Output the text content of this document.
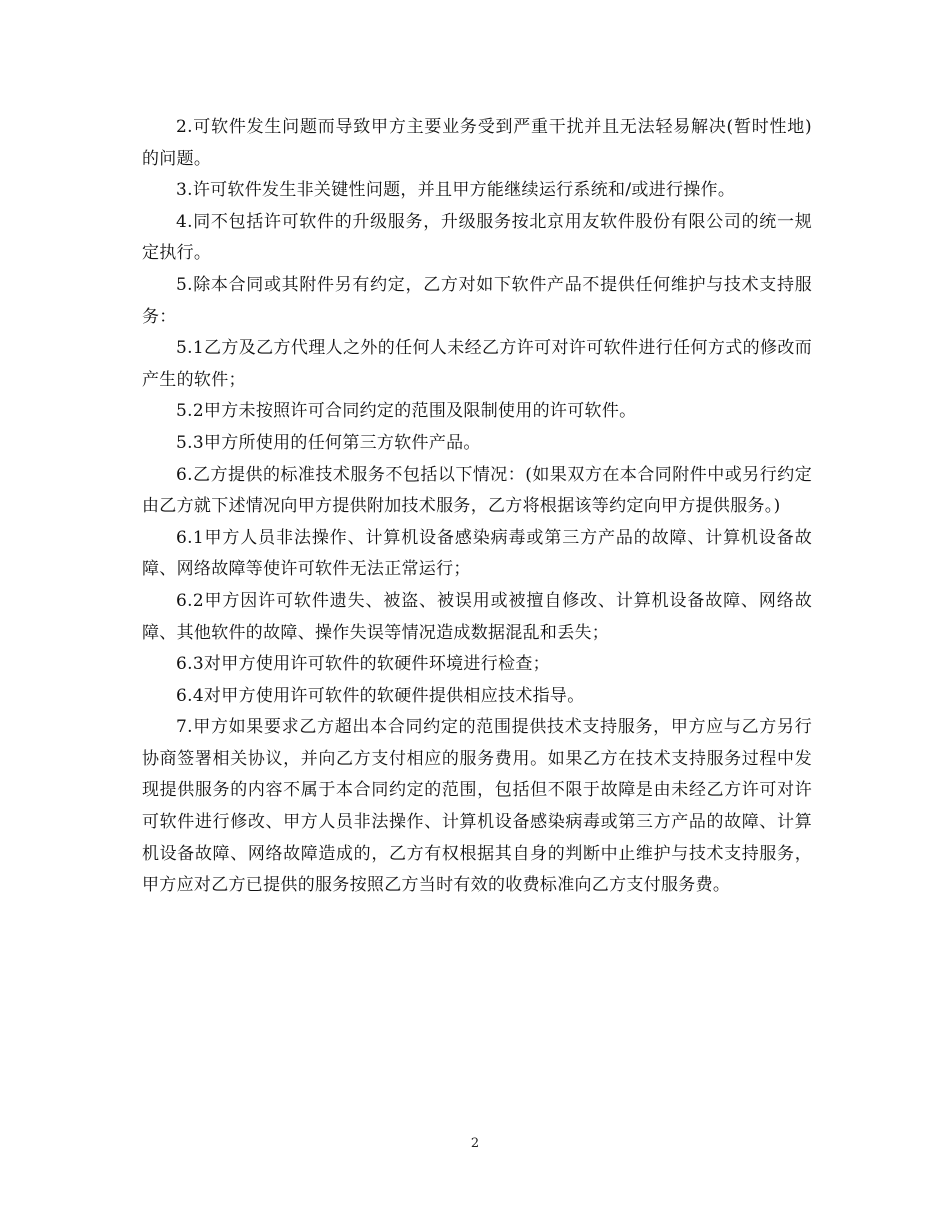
2.可软件发生问题而导致甲方主要业务受到严重干扰并且无法轻易解决(暂时性地)的问题。

3.许可软件发生非关键性问题，并且甲方能继续运行系统和/或进行操作。

4.同不包括许可软件的升级服务，升级服务按北京用友软件股份有限公司的统一规定执行。

5.除本合同或其附件另有约定，乙方对如下软件产品不提供任何维护与技术支持服务：

5.1乙方及乙方代理人之外的任何人未经乙方许可对许可软件进行任何方式的修改而产生的软件；

5.2甲方未按照许可合同约定的范围及限制使用的许可软件。

5.3甲方所使用的任何第三方软件产品。

6.乙方提供的标准技术服务不包括以下情况：(如果双方在本合同附件中或另行约定由乙方就下述情况向甲方提供附加技术服务，乙方将根据该等约定向甲方提供服务。)

6.1甲方人员非法操作、计算机设备感染病毒或第三方产品的故障、计算机设备故障、网络故障等使许可软件无法正常运行；

6.2甲方因许可软件遗失、被盗、被误用或被擅自修改、计算机设备故障、网络故障、其他软件的故障、操作失误等情况造成数据混乱和丢失；

6.3对甲方使用许可软件的软硬件环境进行检查；

6.4对甲方使用许可软件的软硬件提供相应技术指导。

7.甲方如果要求乙方超出本合同约定的范围提供技术支持服务，甲方应与乙方另行协商签署相关协议，并向乙方支付相应的服务费用。如果乙方在技术支持服务过程中发现提供服务的内容不属于本合同约定的范围，包括但不限于故障是由未经乙方许可对许可软件进行修改、甲方人员非法操作、计算机设备感染病毒或第三方产品的故障、计算机设备故障、网络故障造成的，乙方有权根据其自身的判断中止维护与技术支持服务，甲方应对乙方已提供的服务按照乙方当时有效的收费标准向乙方支付服务费。

2
